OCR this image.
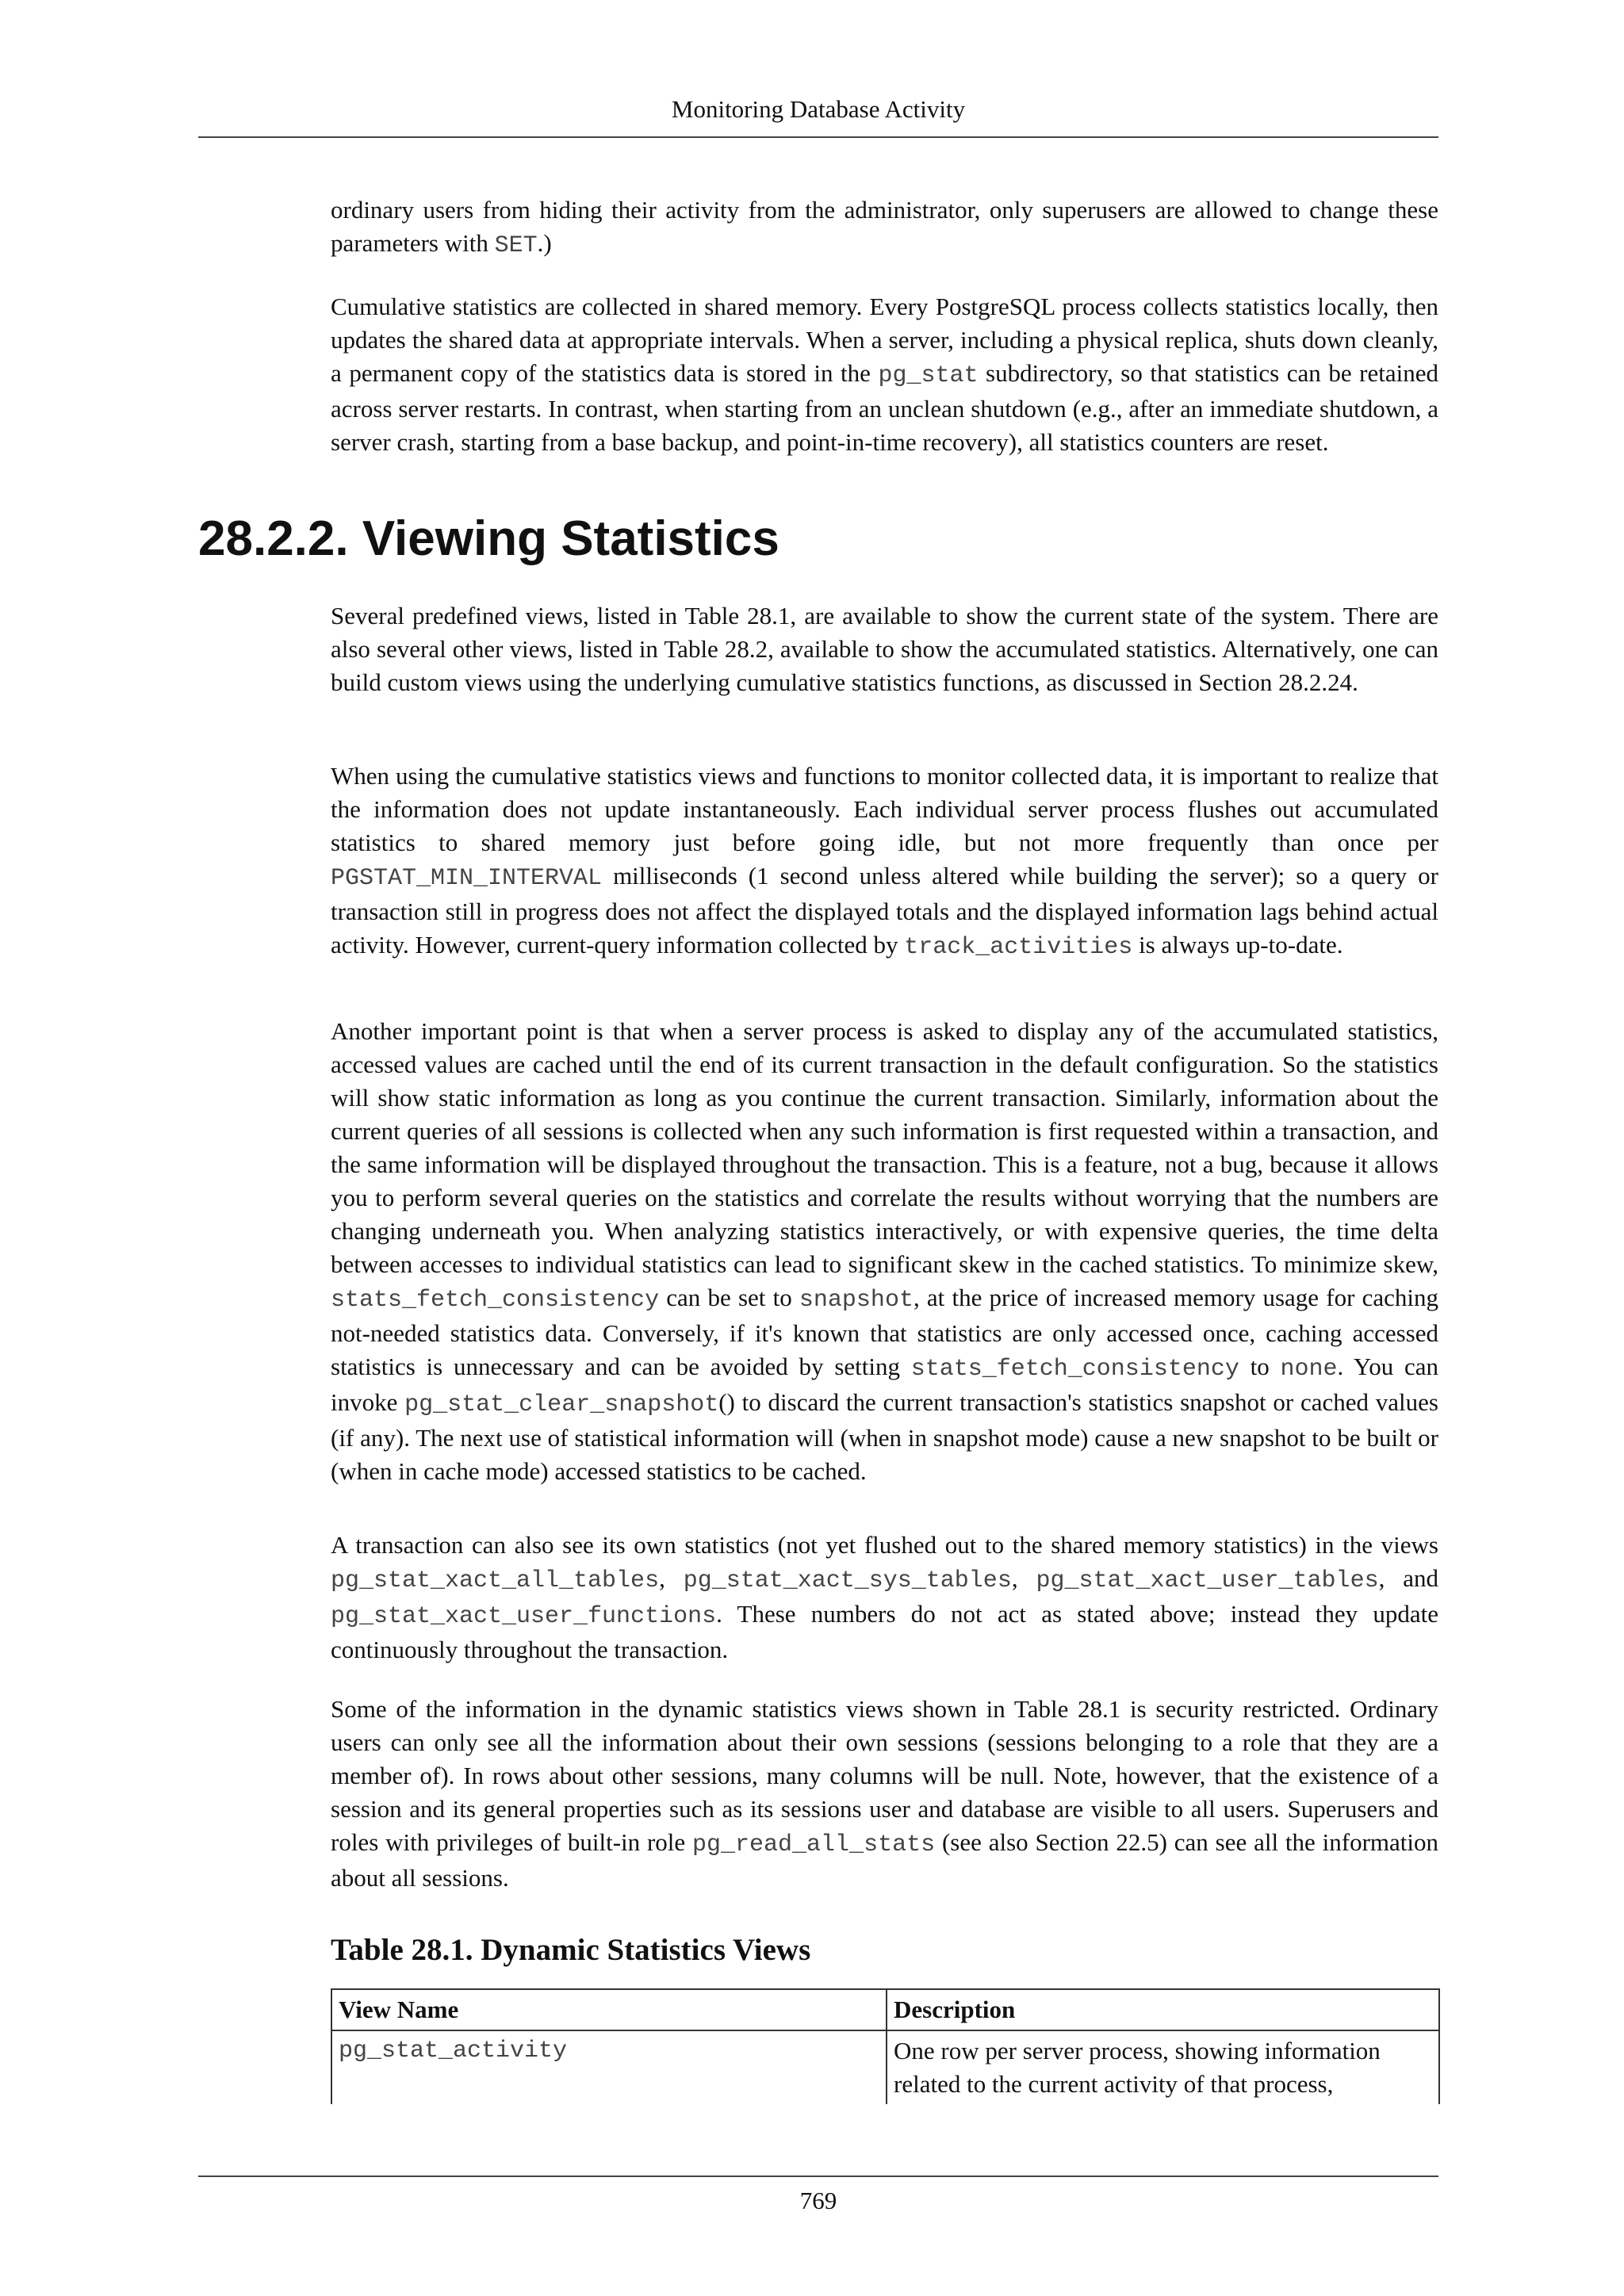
Monitoring Database Activity

ordinary users from hiding their activity from the administrator, only superusers are allowed to change these parameters with SET.)

Cumulative statistics are collected in shared memory. Every PostgreSQL process collects statistics locally, then updates the shared data at appropriate intervals. When a server, including a physical replica, shuts down cleanly, a permanent copy of the statistics data is stored in the pg_stat subdirectory, so that statistics can be retained across server restarts. In contrast, when starting from an unclean shutdown (e.g., after an immediate shutdown, a server crash, starting from a base backup, and point-in-time recovery), all statistics counters are reset.

28.2.2. Viewing Statistics

Several predefined views, listed in Table 28.1, are available to show the current state of the system. There are also several other views, listed in Table 28.2, available to show the accumulated statistics. Alternatively, one can build custom views using the underlying cumulative statistics functions, as discussed in Section 28.2.24.

When using the cumulative statistics views and functions to monitor collected data, it is important to realize that the information does not update instantaneously. Each individual server process flushes out accumulated statistics to shared memory just before going idle, but not more frequently than once per PGSTAT_MIN_INTERVAL milliseconds (1 second unless altered while building the server); so a query or transaction still in progress does not affect the displayed totals and the displayed information lags behind actual activity. However, current-query information collected by track_activities is always up-to-date.

Another important point is that when a server process is asked to display any of the accumulated statistics, accessed values are cached until the end of its current transaction in the default configuration. So the statistics will show static information as long as you continue the current transaction. Similarly, information about the current queries of all sessions is collected when any such information is first requested within a transaction, and the same information will be displayed throughout the transaction. This is a feature, not a bug, because it allows you to perform several queries on the statistics and correlate the results without worrying that the numbers are changing underneath you. When analyzing statistics interactively, or with expensive queries, the time delta between accesses to individual statistics can lead to significant skew in the cached statistics. To minimize skew, stats_fetch_consistency can be set to snapshot, at the price of increased memory usage for caching not-needed statistics data. Conversely, if it's known that statistics are only accessed once, caching accessed statistics is unnecessary and can be avoided by setting stats_fetch_consistency to none. You can invoke pg_stat_clear_snapshot() to discard the current transaction's statistics snapshot or cached values (if any). The next use of statistical information will (when in snapshot mode) cause a new snapshot to be built or (when in cache mode) accessed statistics to be cached.

A transaction can also see its own statistics (not yet flushed out to the shared memory statistics) in the views pg_stat_xact_all_tables, pg_stat_xact_sys_tables, pg_stat_xact_user_tables, and pg_stat_xact_user_functions. These numbers do not act as stated above; instead they update continuously throughout the transaction.

Some of the information in the dynamic statistics views shown in Table 28.1 is security restricted. Ordinary users can only see all the information about their own sessions (sessions belonging to a role that they are a member of). In rows about other sessions, many columns will be null. Note, however, that the existence of a session and its general properties such as its sessions user and database are visible to all users. Superusers and roles with privileges of built-in role pg_read_all_stats (see also Section 22.5) can see all the information about all sessions.

Table 28.1. Dynamic Statistics Views
View Name	Description
pg_stat_activity	One row per server process, showing information related to the current activity of that process,
769
